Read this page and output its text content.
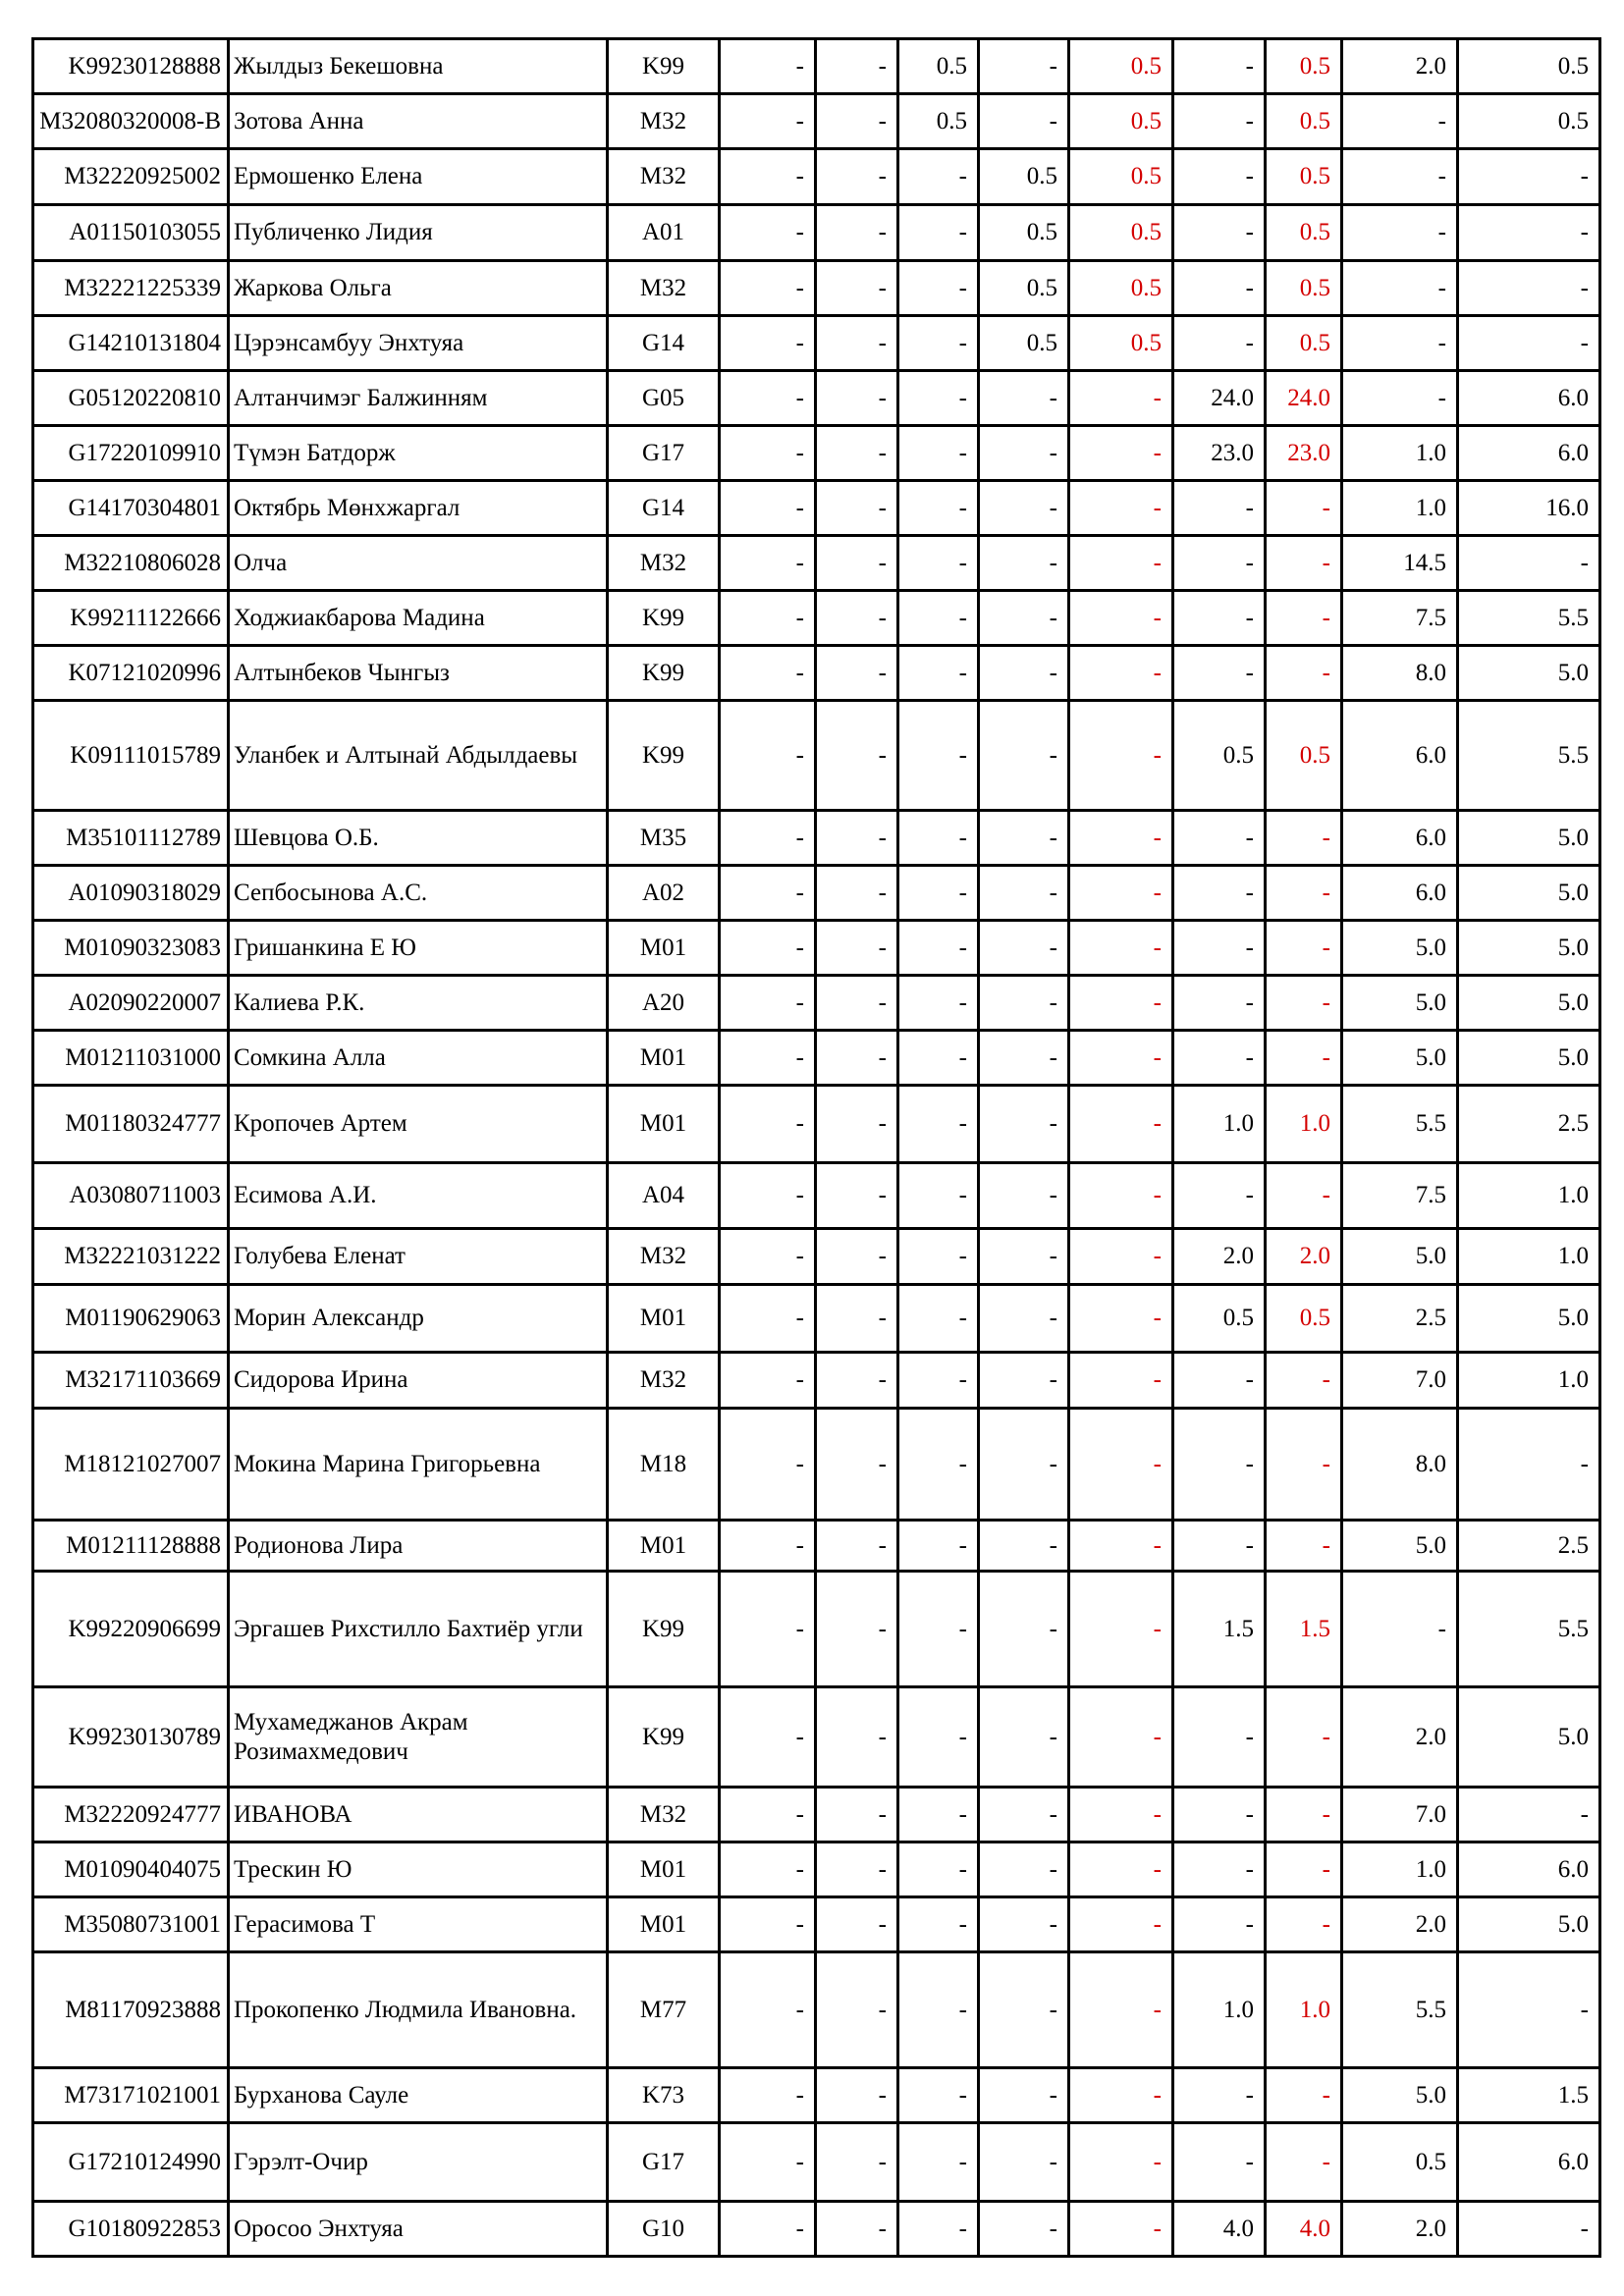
K99230128888	Жылдыз Бекешовна	K99	-	-	0.5	-	0.5	-	0.5	2.0	0.5
M32080320008-B	Зотова Анна	M32	-	-	0.5	-	0.5	-	0.5	-	0.5
M32220925002	Ермошенко Елена	M32	-	-	-	0.5	0.5	-	0.5	-	-
A01150103055	Публиченко Лидия	A01	-	-	-	0.5	0.5	-	0.5	-	-
M32221225339	Жаркова Ольга	M32	-	-	-	0.5	0.5	-	0.5	-	-
G14210131804	Цэрэнсамбуу Энхтуяа	G14	-	-	-	0.5	0.5	-	0.5	-	-
G05120220810	Алтанчимэг Балжинням	G05	-	-	-	-	-	24.0	24.0	-	6.0
G17220109910	Түмэн Батдорж	G17	-	-	-	-	-	23.0	23.0	1.0	6.0
G14170304801	Октябрь Мөнхжаргал	G14	-	-	-	-	-	-	-	1.0	16.0
M32210806028	Олча	M32	-	-	-	-	-	-	-	14.5	-
K99211122666	Ходжиакбарова Мадина	K99	-	-	-	-	-	-	-	7.5	5.5
K07121020996	Алтынбеков Чынгыз	K99	-	-	-	-	-	-	-	8.0	5.0
K09111015789	Уланбек и Алтынай Абдылдаевы	K99	-	-	-	-	-	0.5	0.5	6.0	5.5
M35101112789	Шевцова О.Б.	M35	-	-	-	-	-	-	-	6.0	5.0
A01090318029	Сепбосынова А.С.	A02	-	-	-	-	-	-	-	6.0	5.0
M01090323083	Гришанкина Е Ю	M01	-	-	-	-	-	-	-	5.0	5.0
A02090220007	Калиева Р.К.	A20	-	-	-	-	-	-	-	5.0	5.0
M01211031000	Сомкина Алла	M01	-	-	-	-	-	-	-	5.0	5.0
M01180324777	Кропочев Артем	M01	-	-	-	-	-	1.0	1.0	5.5	2.5
A03080711003	Есимова А.И.	A04	-	-	-	-	-	-	-	7.5	1.0
M32221031222	Голубева Еленат	M32	-	-	-	-	-	2.0	2.0	5.0	1.0
M01190629063	Морин Александр	M01	-	-	-	-	-	0.5	0.5	2.5	5.0
M32171103669	Сидорова Ирина	M32	-	-	-	-	-	-	-	7.0	1.0
M18121027007	Мокина Марина Григорьевна	M18	-	-	-	-	-	-	-	8.0	-
M01211128888	Родионова Лира	M01	-	-	-	-	-	-	-	5.0	2.5
K99220906699	Эргашев Рихстилло Бахтиёр угли	K99	-	-	-	-	-	1.5	1.5	-	5.5
K99230130789	Мухамеджанов Акрам Розимахмедович	K99	-	-	-	-	-	-	-	2.0	5.0
M32220924777	ИВАНОВА	M32	-	-	-	-	-	-	-	7.0	-
M01090404075	Трескин Ю	M01	-	-	-	-	-	-	-	1.0	6.0
M35080731001	Герасимова Т	M01	-	-	-	-	-	-	-	2.0	5.0
M81170923888	Прокопенко Людмила Ивановна.	M77	-	-	-	-	-	1.0	1.0	5.5	-
M73171021001	Бурханова Сауле	K73	-	-	-	-	-	-	-	5.0	1.5
G17210124990	Гэрэлт-Очир	G17	-	-	-	-	-	-	-	0.5	6.0
G10180922853	Оросоо Энхтуяа	G10	-	-	-	-	-	4.0	4.0	2.0	-
